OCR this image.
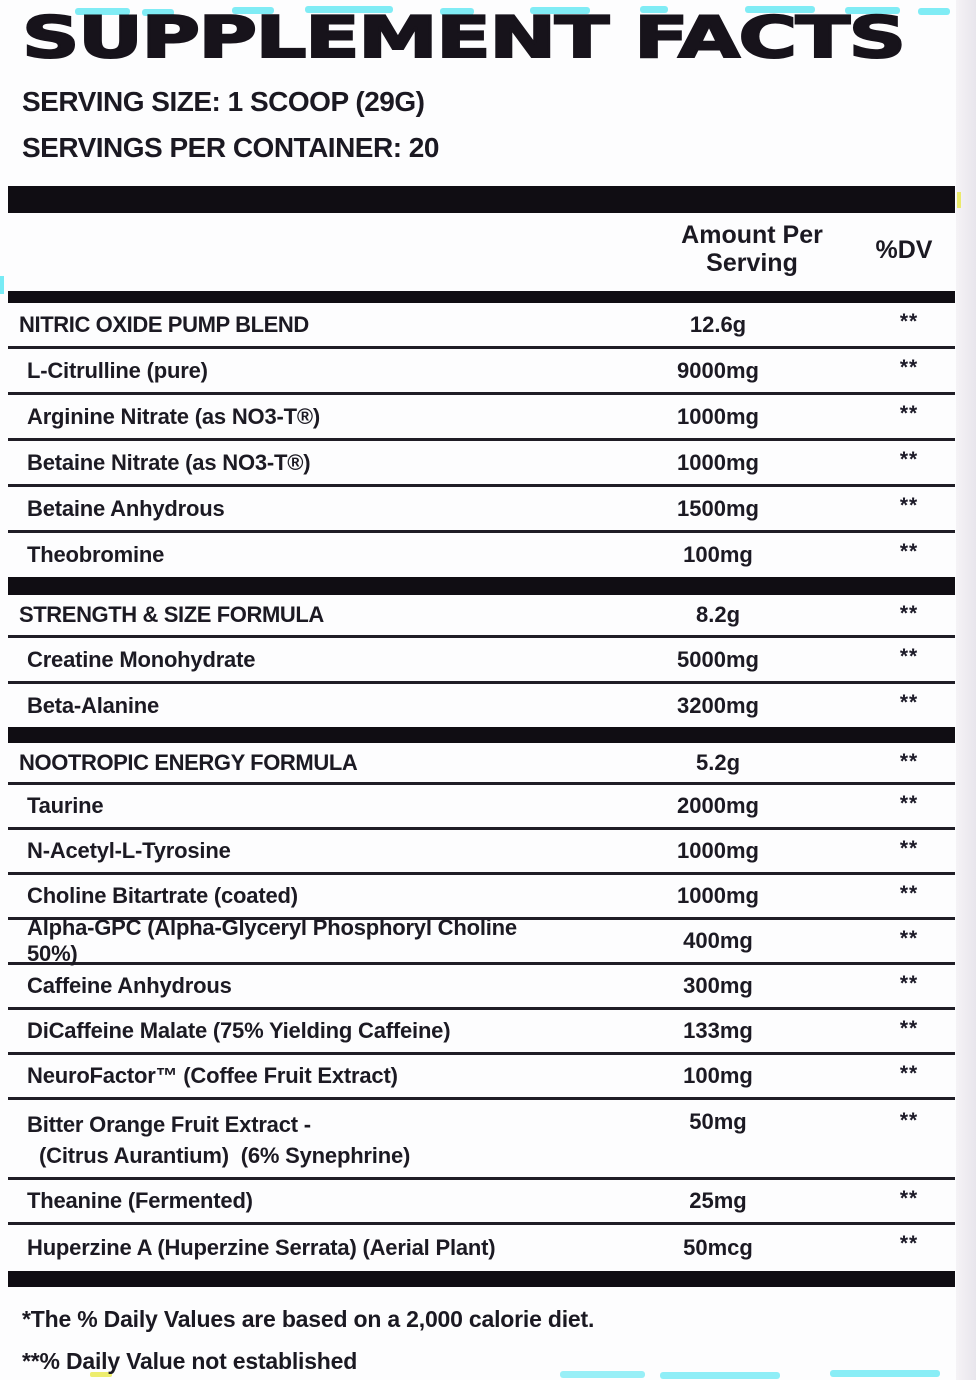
SUPPLEMENT FACTS
SERVING SIZE: 1 SCOOP (29G)
SERVINGS PER CONTAINER: 20
Amount Per
Serving	%DV
NITRIC OXIDE PUMP BLEND	12.6g	**
L-Citrulline (pure)	9000mg	**
Arginine Nitrate (as NO3-T®)	1000mg	**
Betaine Nitrate (as NO3-T®)	1000mg	**
Betaine Anhydrous	1500mg	**
Theobromine	100mg	**
STRENGTH & SIZE FORMULA	8.2g	**
Creatine Monohydrate	5000mg	**
Beta-Alanine	3200mg	**
NOOTROPIC ENERGY FORMULA	5.2g	**
Taurine	2000mg	**
N-Acetyl-L-Tyrosine	1000mg	**
Choline Bitartrate (coated)	1000mg	**
Alpha-GPC (Alpha-Glyceryl Phosphoryl Choline 50%)
400mg	**
Caffeine Anhydrous	300mg	**
DiCaffeine Malate (75% Yielding Caffeine)	133mg	**
NeuroFactor™ (Coffee Fruit Extract)	100mg	**
Bitter Orange Fruit Extract -
(Citrus Aurantium)  (6% Synephrine)
50mg	**
Theanine (Fermented)	25mg	**
Huperzine A (Huperzine Serrata) (Aerial Plant)	50mcg	**
*The % Daily Values are based on a 2,000 calorie diet.
**% Daily Value not established
